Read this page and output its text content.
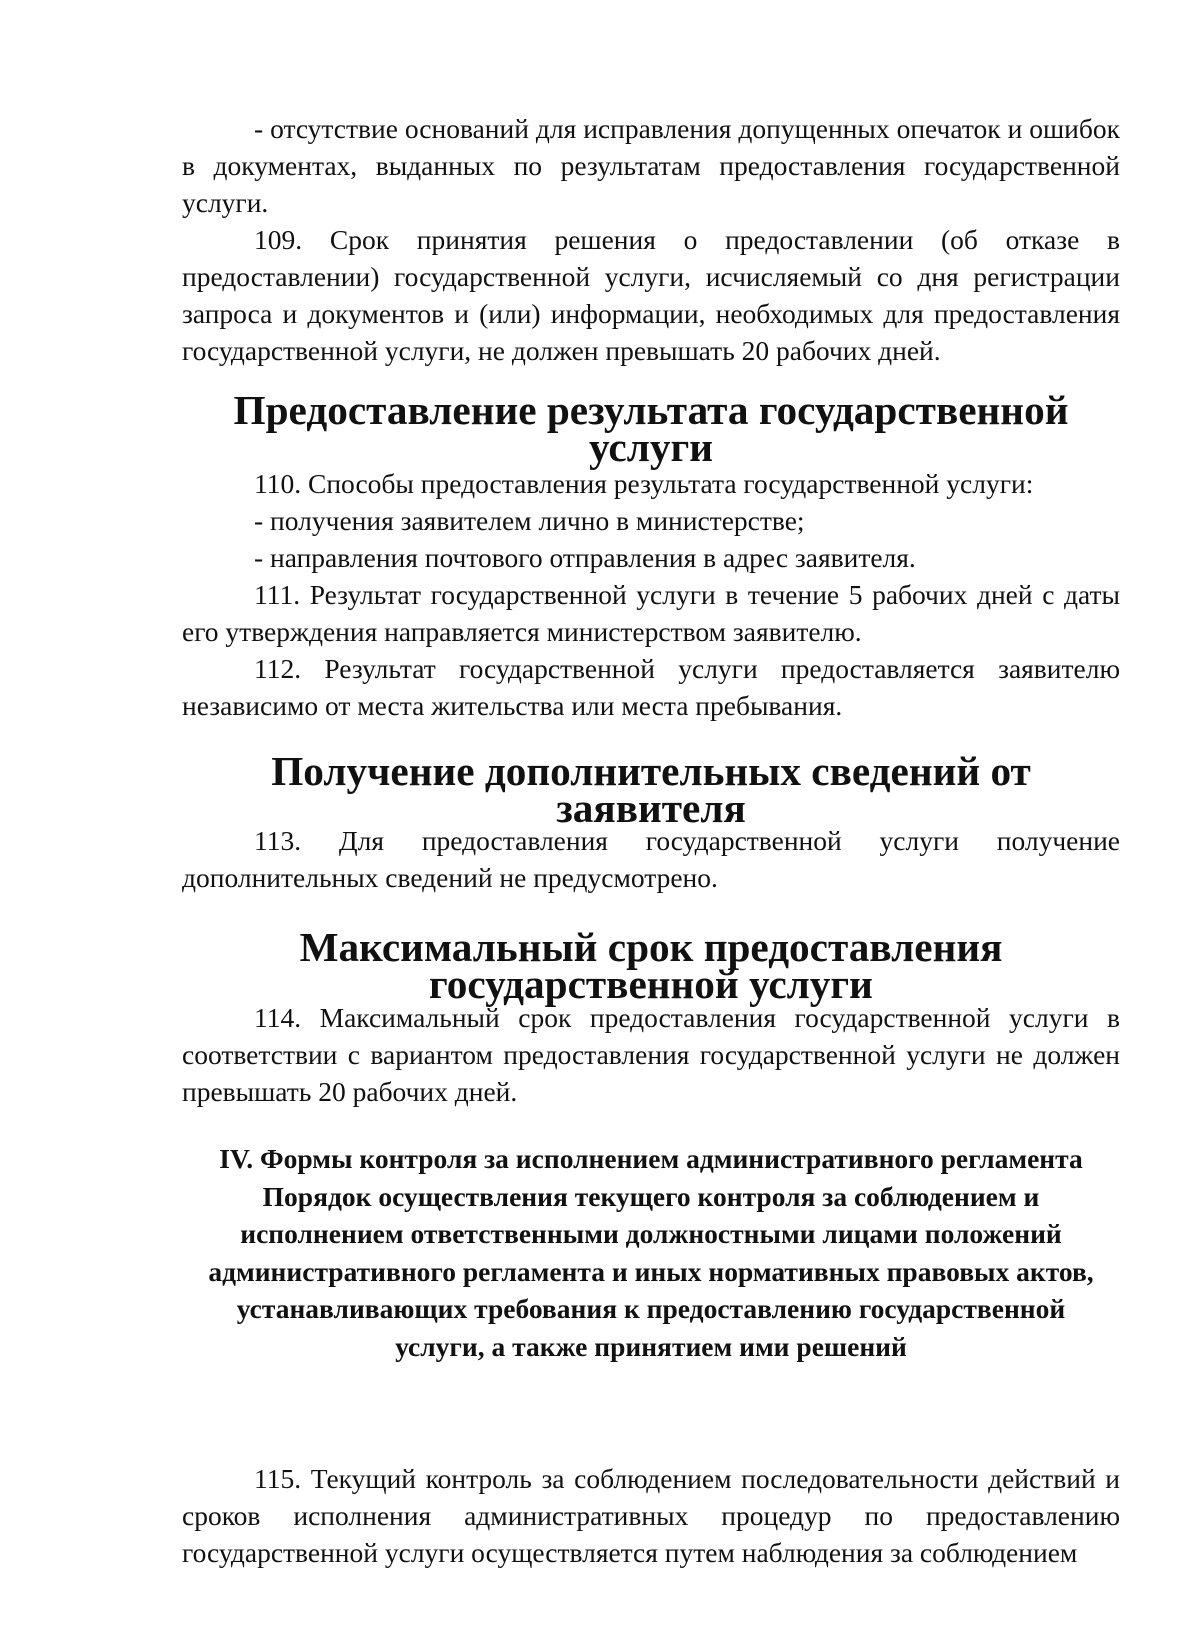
- отсутствие оснований для исправления допущенных опечаток и ошибок в документах, выданных по результатам предоставления государственной услуги.

109. Срок принятия решения о предоставлении (об отказе в предоставлении) государственной услуги, исчисляемый со дня регистрации запроса и документов и (или) информации, необходимых для предоставления государственной услуги, не должен превышать 20 рабочих дней.

Предоставление результата государственной услуги

110. Способы предоставления результата государственной услуги:

- получения заявителем лично в министерстве;

- направления почтового отправления в адрес заявителя.

111. Результат государственной услуги в течение 5 рабочих дней с даты его утверждения направляется министерством заявителю.

112. Результат государственной услуги предоставляется заявителю независимо от места жительства или места пребывания.

Получение дополнительных сведений от заявителя

113. Для предоставления государственной услуги получение дополнительных сведений не предусмотрено.

Максимальный срок предоставления государственной услуги

114. Максимальный срок предоставления государственной услуги в соответствии с вариантом предоставления государственной услуги не должен превышать 20 рабочих дней.

IV. Формы контроля за исполнением административного регламента
Порядок осуществления текущего контроля за соблюдением и
исполнением ответственными должностными лицами положений
административного регламента и иных нормативных правовых актов,
устанавливающих требования к предоставлению государственной
услуги, а также принятием ими решений

115. Текущий контроль за соблюдением последовательности действий и сроков исполнения административных процедур по предоставлению государственной услуги осуществляется путем наблюдения за соблюдением
